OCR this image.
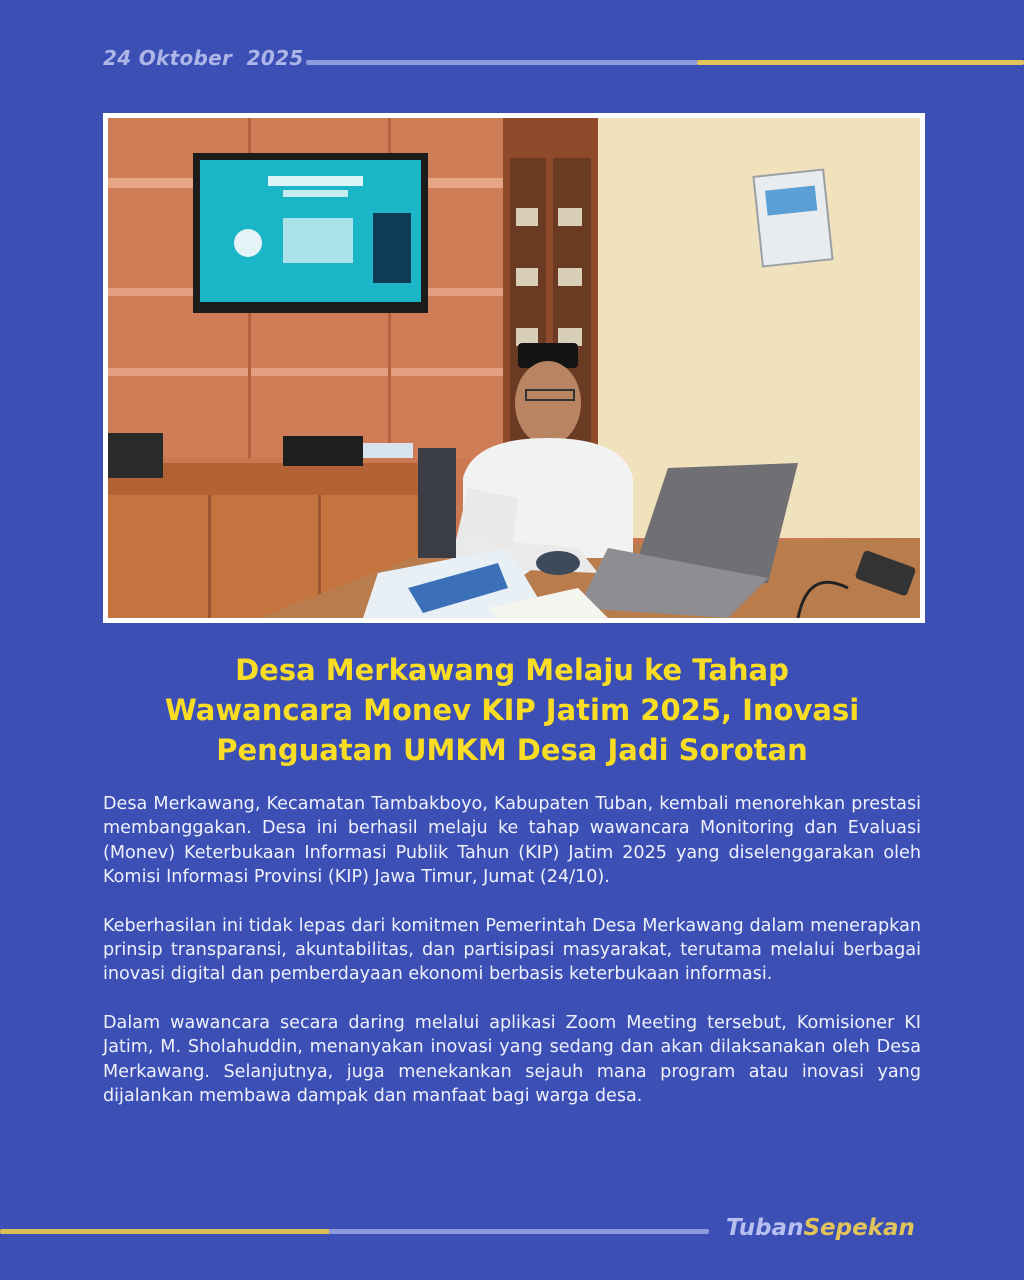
24 Oktober  2025
Desa Merkawang Melaju ke Tahap
Wawancara Monev KIP Jatim 2025, Inovasi
Penguatan UMKM Desa Jadi Sorotan

Desa Merkawang, Kecamatan Tambakboyo, Kabupaten Tuban, kembali menorehkan prestasi membanggakan. Desa ini berhasil melaju ke tahap wawancara Monitoring dan Evaluasi (Monev) Keterbukaan Informasi Publik Tahun (KIP) Jatim 2025 yang diselenggarakan oleh Komisi Informasi Provinsi (KIP) Jawa Timur, Jumat (24/10).

Keberhasilan ini tidak lepas dari komitmen Pemerintah Desa Merkawang dalam menerapkan prinsip transparansi, akuntabilitas, dan partisipasi masyarakat, terutama melalui berbagai inovasi digital dan pemberdayaan ekonomi berbasis keterbukaan informasi.

Dalam wawancara secara daring melalui aplikasi Zoom Meeting tersebut, Komisioner KI Jatim, M. Sholahuddin, menanyakan inovasi yang sedang dan akan dilaksanakan oleh Desa Merkawang. Selanjutnya, juga menekankan sejauh mana program atau inovasi yang dijalankan membawa dampak dan manfaat bagi warga desa.

TubanSepekan
